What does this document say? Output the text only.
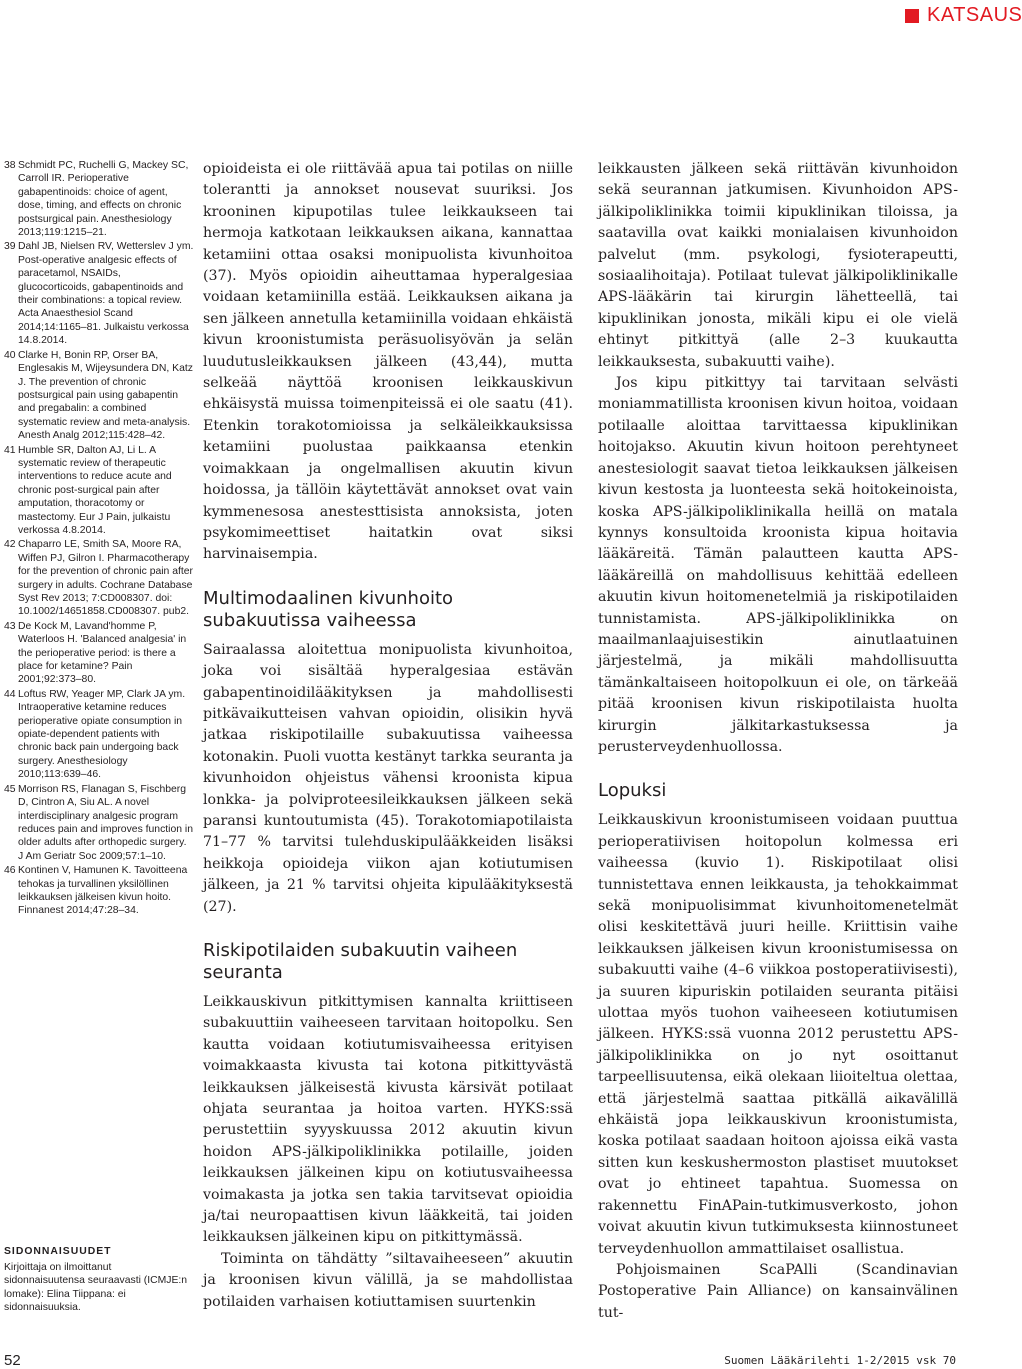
KATSAUS
38 Schmidt PC, Ruchelli G, Mackey SC, Carroll IR. Perioperative gabapentinoids: choice of agent, dose, timing, and effects on chronic postsurgical pain. Anesthesiology 2013;119:1215–21.
39 Dahl JB, Nielsen RV, Wetterslev J ym. Post-operative analgesic effects of paracetamol, NSAIDs, glucocorticoids, gabapentinoids and their combinations: a topical review. Acta Anaesthesiol Scand 2014;14:1165–81. Julkaistu verkossa 14.8.2014.
40 Clarke H, Bonin RP, Orser BA, Englesakis M, Wijeysundera DN, Katz J. The prevention of chronic postsurgical pain using gabapentin and pregabalin: a combined systematic review and meta-analysis. Anesth Analg 2012;115:428–42.
41 Humble SR, Dalton AJ, Li L. A systematic review of therapeutic interventions to reduce acute and chronic post-surgical pain after amputation, thoracotomy or mastectomy. Eur J Pain, julkaistu verkossa 4.8.2014.
42 Chaparro LE, Smith SA, Moore RA, Wiffen PJ, Gilron I. Pharmacotherapy for the prevention of chronic pain after surgery in adults. Cochrane Database Syst Rev 2013; 7:CD008307. doi: 10.1002/14651858.CD008307. pub2.
43 De Kock M, Lavand'homme P, Waterloos H. 'Balanced analgesia' in the perioperative period: is there a place for ketamine? Pain 2001;92:373–80.
44 Loftus RW, Yeager MP, Clark JA ym. Intraoperative ketamine reduces perioperative opiate consumption in opiate-dependent patients with chronic back pain undergoing back surgery. Anesthesiology 2010;113:639–46.
45 Morrison RS, Flanagan S, Fischberg D, Cintron A, Siu AL. A novel interdisciplinary analgesic program reduces pain and improves function in older adults after orthopedic surgery. J Am Geriatr Soc 2009;57:1–10.
46 Kontinen V, Hamunen K. Tavoitteena tehokas ja turvallinen yksilöllinen leikkauksen jälkeisen kivun hoito. Finnanest 2014;47:28–34.
SIDONNAISUUDET
Kirjoittaja on ilmoittanut sidonnaisuutensa seuraavasti (ICMJE:n lomake): Elina Tiippana: ei sidonnaisuuksia.

opioideista ei ole riittävää apua tai potilas on niille tolerantti ja annokset nousevat suuriksi. Jos krooninen kipupotilas tulee leikkaukseen tai hermoja katkotaan leikkauksen aikana, kannattaa ketamiini ottaa osaksi monipuolista kivunhoitoa (37). Myös opioidin aiheuttamaa hyperalgesiaa voidaan ketamiinilla estää. Leikkauksen aikana ja sen jälkeen annetulla ketamiinilla voidaan ehkäistä kivun kroonistumista peräsuolisyövän ja selän luudutusleikkauksen jälkeen (43,44), mutta selkeää näyttöä kroonisen leikkauskivun ehkäisystä muissa toimenpiteissä ei ole saatu (41). Etenkin torakotomioissa ja selkäleikkauksissa ketamiini puolustaa paikkaansa etenkin voimakkaan ja ongelmallisen akuutin kivun hoidossa, ja tällöin käytettävät annokset ovat vain kymmenesosa anestesttisista annoksista, joten psykomimeettiset haitatkin ovat siksi harvinaisempia.

Multimodaalinen kivunhoito subakuutissa vaiheessa

Sairaalassa aloitettua monipuolista kivunhoitoa, joka voi sisältää hyperalgesiaa estävän gabapentinoidilääkityksen ja mahdollisesti pitkävaikutteisen vahvan opioidin, olisikin hyvä jatkaa riskipotilaille subakuutissa vaiheessa kotonakin. Puoli vuotta kestänyt tarkka seuranta ja kivunhoidon ohjeistus vähensi kroonista kipua lonkka- ja polviproteesileikkauksen jälkeen sekä paransi kuntoutumista (45). Torakotomiapotilaista 71–77 % tarvitsi tulehduskipulääkkeiden lisäksi heikkoja opioideja viikon ajan kotiutumisen jälkeen, ja 21 % tarvitsi ohjeita kipulääkityksestä (27).

Riskipotilaiden subakuutin vaiheen seuranta

Leikkauskivun pitkittymisen kannalta kriittiseen subakuuttiin vaiheeseen tarvitaan hoitopolku. Sen kautta voidaan kotiutumisvaiheessa erityisen voimakkaasta kivusta tai kotona pitkittyvästä leikkauksen jälkeisestä kivusta kärsivät potilaat ohjata seurantaa ja hoitoa varten. HYKS:ssä perustettiin syyyskuussa 2012 akuutin kivun hoidon APS-jälkipoliklinikka potilaille, joiden leikkauksen jälkeinen kipu on kotiutusvaiheessa voimakasta ja jotka sen takia tarvitsevat opioidia ja/tai neuropaattisen kivun lääkkeitä, tai joiden leikkauksen jälkeinen kipu on pitkittymässä.

Toiminta on tähdätty ”siltavaiheeseen” akuutin ja kroonisen kivun välillä, ja se mahdollistaa potilaiden varhaisen kotiuttamisen suurtenkin

leikkausten jälkeen sekä riittävän kivunhoidon sekä seurannan jatkumisen. Kivunhoidon APS-jälkipoliklinikka toimii kipuklinikan tiloissa, ja saatavilla ovat kaikki monialaisen kivunhoidon palvelut (mm. psykologi, fysioterapeutti, sosiaalihoitaja). Potilaat tulevat jälkipoliklinikalle APS-lääkärin tai kirurgin lähetteellä, tai kipuklinikan jonosta, mikäli kipu ei ole vielä ehtinyt pitkittyä (alle 2–3 kuukautta leikkauksesta, subakuutti vaihe).

Jos kipu pitkittyy tai tarvitaan selvästi moniammatillista kroonisen kivun hoitoa, voidaan potilaalle aloittaa tarvittaessa kipuklinikan hoitojakso. Akuutin kivun hoitoon perehtyneet anestesiologit saavat tietoa leikkauksen jälkeisen kivun kestosta ja luonteesta sekä hoitokeinoista, koska APS-jälkipoliklinikalla heillä on matala kynnys konsultoida kroonista kipua hoitavia lääkäreitä. Tämän palautteen kautta APS-lääkäreillä on mahdollisuus kehittää edelleen akuutin kivun hoitomenetelmiä ja riskipotilaiden tunnistamista. APS-jälkipoliklinikka on maailmanlaajuisestikin ainutlaatuinen järjestelmä, ja mikäli mahdollisuutta tämänkaltaiseen hoitopolkuun ei ole, on tärkeää pitää kroonisen kivun riskipotilaista huolta kirurgin jälkitarkastuksessa ja perusterveydenhuollossa.

Lopuksi

Leikkauskivun kroonistumiseen voidaan puuttua perioperatiivisen hoitopolun kolmessa eri vaiheessa (kuvio 1). Riskipotilaat olisi tunnistettava ennen leikkausta, ja tehokkaimmat sekä monipuolisimmat kivunhoitomenetelmät olisi keskitettävä juuri heille. Kriittisin vaihe leikkauksen jälkeisen kivun kroonistumisessa on subakuutti vaihe (4–6 viikkoa postoperatiivisesti), ja suuren kipuriskin potilaiden seuranta pitäisi ulottaa myös tuohon vaiheeseen kotiutumisen jälkeen. HYKS:ssä vuonna 2012 perustettu APS-jälkipoliklinikka on jo nyt osoittanut tarpeellisuutensa, eikä olekaan liioiteltua olettaa, että järjestelmä saattaa pitkällä aikavälillä ehkäistä jopa leikkauskivun kroonistumista, koska potilaat saadaan hoitoon ajoissa eikä vasta sitten kun keskushermoston plastiset muutokset ovat jo ehtineet tapahtua. Suomessa on rakennettu FinAPain-tutkimusverkosto, johon voivat akuutin kivun tutkimuksesta kiinnostuneet terveydenhuollon ammattilaiset osallistua.

Pohjoismainen ScaPAlli (Scandinavian Postoperative Pain Alliance) on kansainvälinen tut-

52	Suomen Lääkärilehti 1-2/2015 vsk 70
